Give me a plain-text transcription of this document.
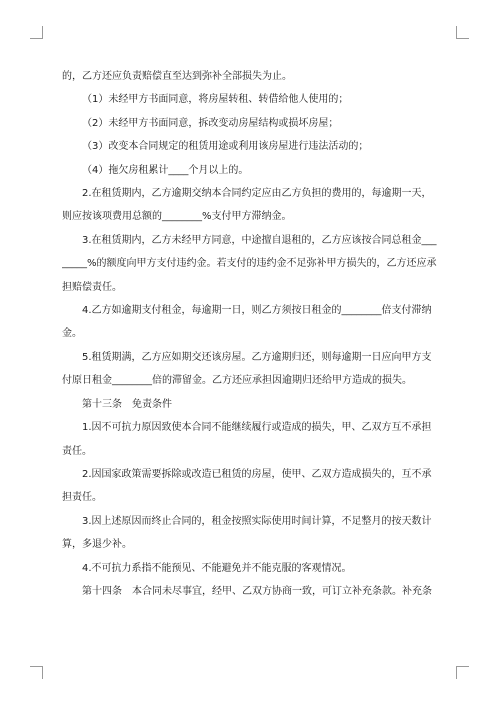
的，乙方还应负责赔偿直至达到弥补全部损失为止。

（1）未经甲方书面同意，将房屋转租、转借给他人使用的；

（2）未经甲方书面同意，拆改变动房屋结构或损坏房屋；

（3）改变本合同规定的租赁用途或利用该房屋进行违法活动的；

（4）拖欠房租累计____个月以上的。

2.在租赁期内，乙方逾期交纳本合同约定应由乙方负担的费用的，每逾期一天，

则应按该项费用总额的________%支付甲方滞纳金。

3.在租赁期内，乙方未经甲方同意，中途擅自退租的，乙方应该按合同总租金___

_____%的额度向甲方支付违约金。若支付的违约金不足弥补甲方损失的，乙方还应承

担赔偿责任。

4.乙方如逾期支付租金，每逾期一日，则乙方须按日租金的________倍支付滞纳

金。

5.租赁期满，乙方应如期交还该房屋。乙方逾期归还，则每逾期一日应向甲方支

付原日租金________倍的滞留金。乙方还应承担因逾期归还给甲方造成的损失。

第十三条　免责条件

1.因不可抗力原因致使本合同不能继续履行或造成的损失，甲、乙双方互不承担

责任。

2.因国家政策需要拆除或改造已租赁的房屋，使甲、乙双方造成损失的，互不承

担责任。

3.因上述原因而终止合同的，租金按照实际使用时间计算，不足整月的按天数计

算，多退少补。

4.不可抗力系指不能预见、不能避免并不能克服的客观情况。

第十四条　本合同未尽事宜，经甲、乙双方协商一致，可订立补充条款。补充条
